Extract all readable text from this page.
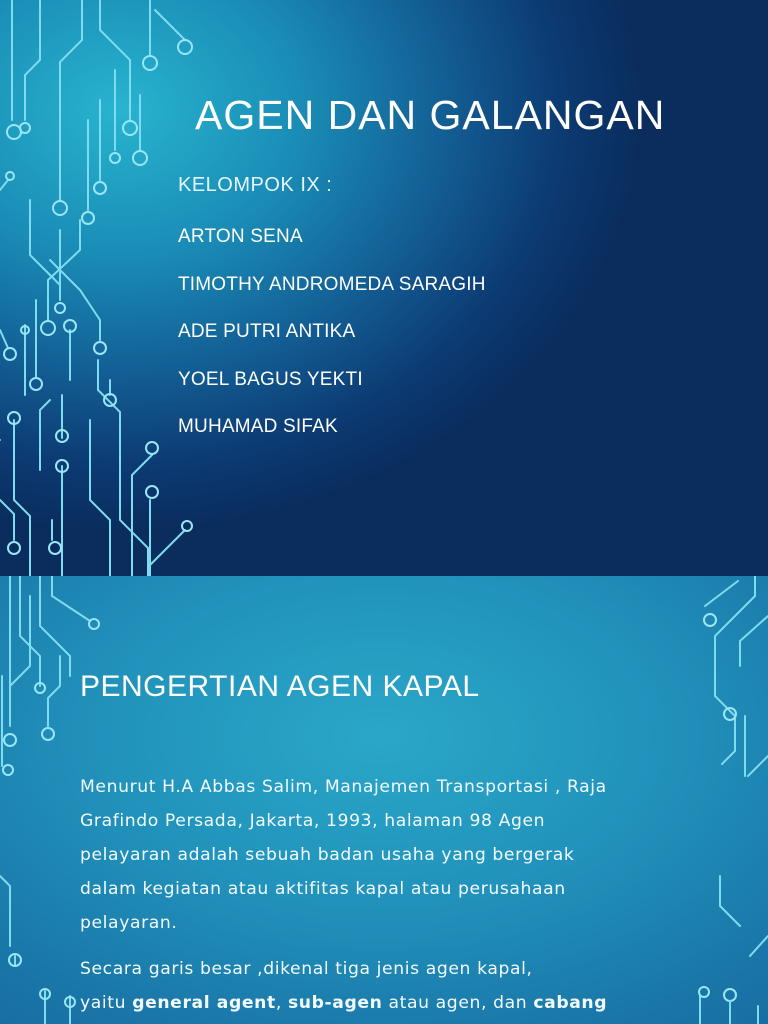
AGEN DAN GALANGAN
KELOMPOK IX :
ARTON SENA
TIMOTHY ANDROMEDA SARAGIH
ADE PUTRI ANTIKA
YOEL BAGUS YEKTI
MUHAMAD SIFAK
PENGERTIAN AGEN KAPAL
Menurut H.A Abbas Salim, Manajemen Transportasi , Raja
Grafindo Persada, Jakarta, 1993, halaman 98 Agen
pelayaran adalah sebuah badan usaha yang bergerak
dalam kegiatan atau aktifitas kapal atau perusahaan
pelayaran.
Secara garis besar ,dikenal tiga jenis agen kapal,
yaitu general agent, sub-agen atau agen, dan cabang
